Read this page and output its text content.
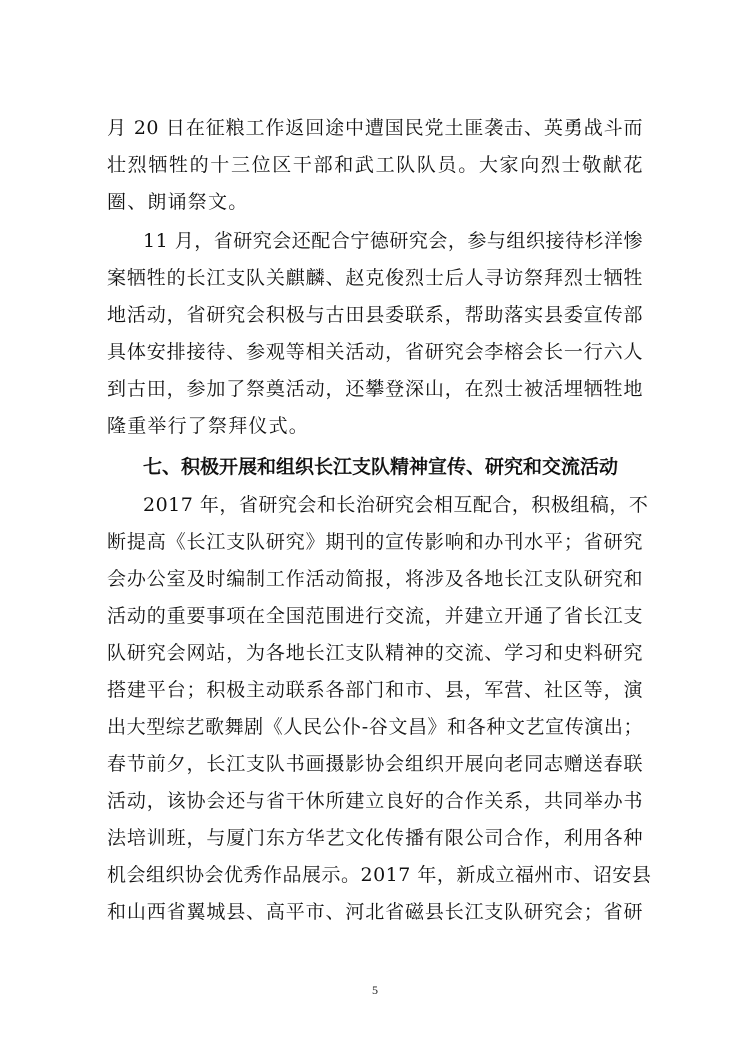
月 20 日在征粮工作返回途中遭国民党土匪袭击、英勇战斗而
壮烈牺牲的十三位区干部和武工队队员。大家向烈士敬献花
圈、朗诵祭文。
11 月，省研究会还配合宁德研究会，参与组织接待杉洋惨
案牺牲的长江支队关麒麟、赵克俊烈士后人寻访祭拜烈士牺牲
地活动，省研究会积极与古田县委联系，帮助落实县委宣传部
具体安排接待、参观等相关活动，省研究会李榕会长一行六人
到古田，参加了祭奠活动，还攀登深山，在烈士被活埋牺牲地
隆重举行了祭拜仪式。
七、积极开展和组织长江支队精神宣传、研究和交流活动
2017 年，省研究会和长治研究会相互配合，积极组稿，不
断提高《长江支队研究》期刊的宣传影响和办刊水平；省研究
会办公室及时编制工作活动简报，将涉及各地长江支队研究和
活动的重要事项在全国范围进行交流，并建立开通了省长江支
队研究会网站，为各地长江支队精神的交流、学习和史料研究
搭建平台；积极主动联系各部门和市、县，军营、社区等，演
出大型综艺歌舞剧《人民公仆-谷文昌》和各种文艺宣传演出；
春节前夕，长江支队书画摄影协会组织开展向老同志赠送春联
活动，该协会还与省干休所建立良好的合作关系，共同举办书
法培训班，与厦门东方华艺文化传播有限公司合作，利用各种
机会组织协会优秀作品展示。2017 年，新成立福州市、诏安县
和山西省翼城县、高平市、河北省磁县长江支队研究会；省研
5
